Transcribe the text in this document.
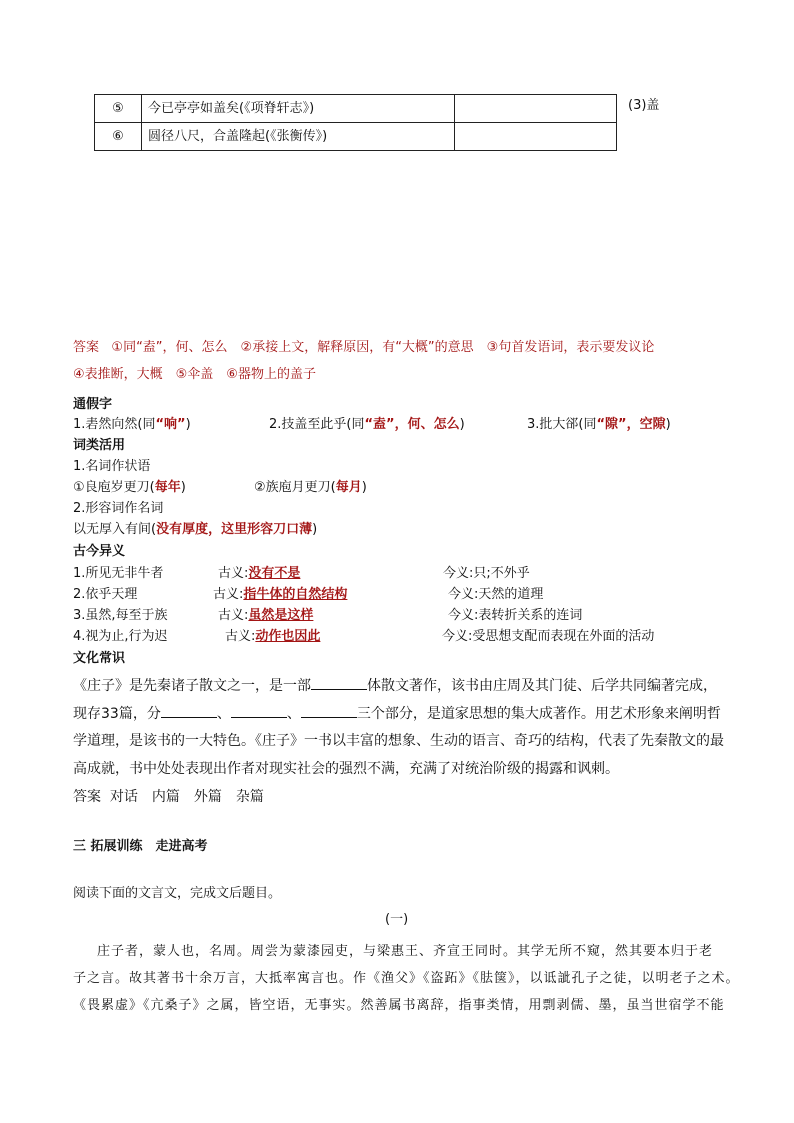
⑤	今已亭亭如盖矣(《项脊轩志》)	
⑥	圆径八尺，合盖隆起(《张衡传》)	
(3)盖
答案 ①同“盍”，何、怎么　②承接上文，解释原因，有“大概”的意思　③句首发语词，表示要发议论
④表推断，大概　⑤伞盖　⑥器物上的盖子
通假字
1.砉然向然(同“响”)	2.技盖至此乎(同“盍”，何、怎么)	3.批大郤(同“隙”，空隙)
词类活用
1.名词作状语
①良庖岁更刀(每年)	②族庖月更刀(每月)
2.形容词作名词
以无厚入有间(没有厚度，这里形容刀口薄)
古今异义
1.所见无非牛者	古义:没有不是	今义:只;不外乎
2.依乎天理	古义:指牛体的自然结构	今义:天然的道理
3.虽然,每至于族	古义:虽然是这样	今义:表转折关系的连词
4.视为止,行为迟	古义:动作也因此	今义:受思想支配而表现在外面的活动
文化常识
《庄子》是先秦诸子散文之一，是一部	体散文著作，该书由庄周及其门徒、后学共同编著完成，
现存33篇，分	、	、	三个部分，是道家思想的集大成著作。用艺术形象来阐明哲
学道理，是该书的一大特色。《庄子》一书以丰富的想象、生动的语言、奇巧的结构，代表了先秦散文的最
高成就，书中处处表现出作者对现实社会的强烈不满，充满了对统治阶级的揭露和讽刺。
答案 对话　内篇　外篇　杂篇
三 拓展训练　走进高考
阅读下面的文言文，完成文后题目。
(一)
庄子者，蒙人也，名周。周尝为蒙漆园吏，与梁惠王、齐宣王同时。其学无所不窥，然其要本归于老
子之言。故其著书十余万言，大抵率寓言也。作《渔父》《盗跖》《胠箧》，以诋訿孔子之徒，以明老子之术。
《畏累虚》《亢桑子》之属，皆空语，无事实。然善属书离辞，指事类情，用剽剥儒、墨，虽当世宿学不能
